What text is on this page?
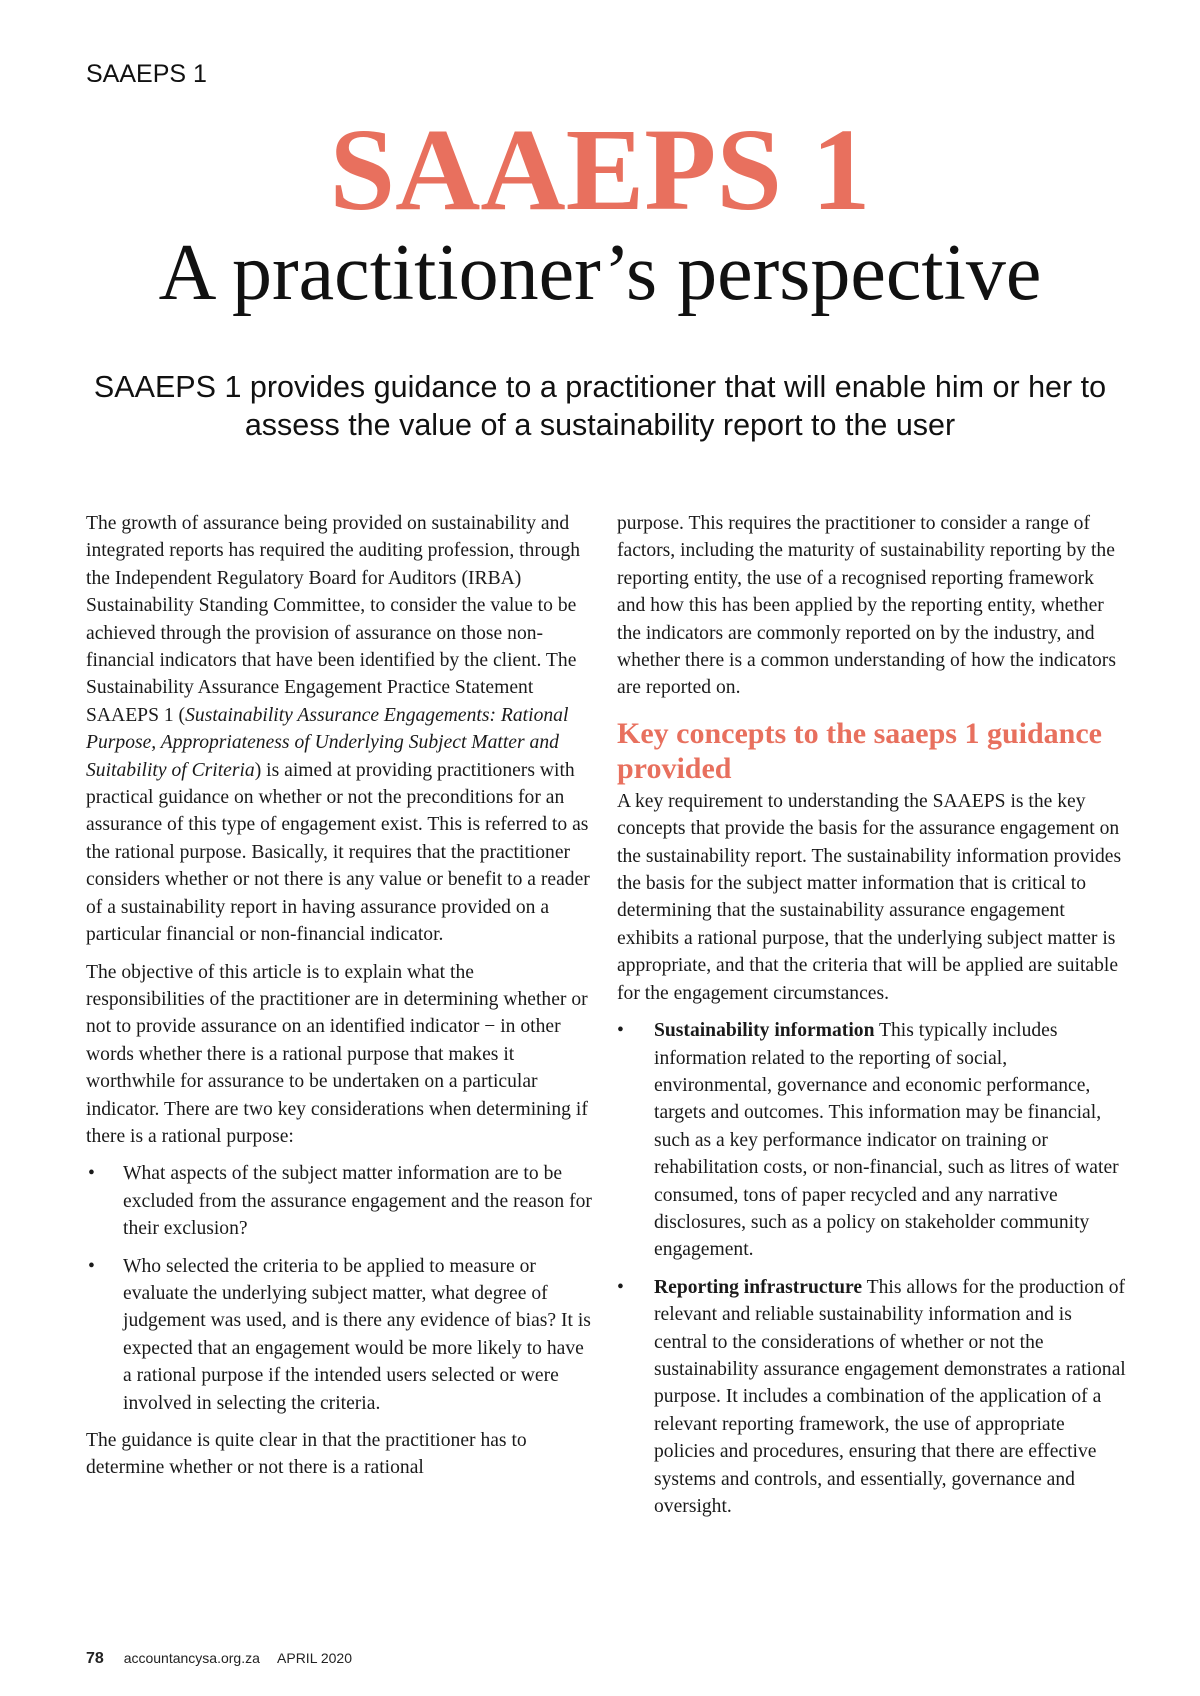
SAAEPS 1
SAAEPS 1
A practitioner’s perspective

SAAEPS 1 provides guidance to a practitioner that will enable him or her to assess the value of a sustainability report to the user

The growth of assurance being provided on sustainability and integrated reports has required the auditing profession, through the Independent Regulatory Board for Auditors (IRBA) Sustainability Standing Committee, to consider the value to be achieved through the provision of assurance on those non-financial indicators that have been identified by the client. The Sustainability Assurance Engagement Practice Statement SAAEPS 1 (Sustainability Assurance Engagements: Rational Purpose, Appropriateness of Underlying Subject Matter and Suitability of Criteria) is aimed at providing practitioners with practical guidance on whether or not the preconditions for an assurance of this type of engagement exist. This is referred to as the rational purpose. Basically, it requires that the practitioner considers whether or not there is any value or benefit to a reader of a sustainability report in having assurance provided on a particular financial or non-financial indicator.

The objective of this article is to explain what the responsibilities of the practitioner are in determining whether or not to provide assurance on an identified indicator − in other words whether there is a rational purpose that makes it worthwhile for assurance to be undertaken on a particular indicator. There are two key considerations when determining if there is a rational purpose:

• What aspects of the subject matter information are to be excluded from the assurance engagement and the reason for their exclusion?
• Who selected the criteria to be applied to measure or evaluate the underlying subject matter, what degree of judgement was used, and is there any evidence of bias? It is expected that an engagement would be more likely to have a rational purpose if the intended users selected or were involved in selecting the criteria.

The guidance is quite clear in that the practitioner has to determine whether or not there is a rational

purpose. This requires the practitioner to consider a range of factors, including the maturity of sustainability reporting by the reporting entity, the use of a recognised reporting framework and how this has been applied by the reporting entity, whether the indicators are commonly reported on by the industry, and whether there is a common understanding of how the indicators are reported on.

Key concepts to the saaeps 1 guidance provided

A key requirement to understanding the SAAEPS is the key concepts that provide the basis for the assurance engagement on the sustainability report. The sustainability information provides the basis for the subject matter information that is critical to determining that the sustainability assurance engagement exhibits a rational purpose, that the underlying subject matter is appropriate, and that the criteria that will be applied are suitable for the engagement circumstances.

• Sustainability information This typically includes information related to the reporting of social, environmental, governance and economic performance, targets and outcomes. This information may be financial, such as a key performance indicator on training or rehabilitation costs, or non-financial, such as litres of water consumed, tons of paper recycled and any narrative disclosures, such as a policy on stakeholder community engagement.
• Reporting infrastructure This allows for the production of relevant and reliable sustainability information and is central to the considerations of whether or not the sustainability assurance engagement demonstrates a rational purpose. It includes a combination of the application of a relevant reporting framework, the use of appropriate policies and procedures, ensuring that there are effective systems and controls, and essentially, governance and oversight.
78 accountancysa.org.za APRIL 2020
